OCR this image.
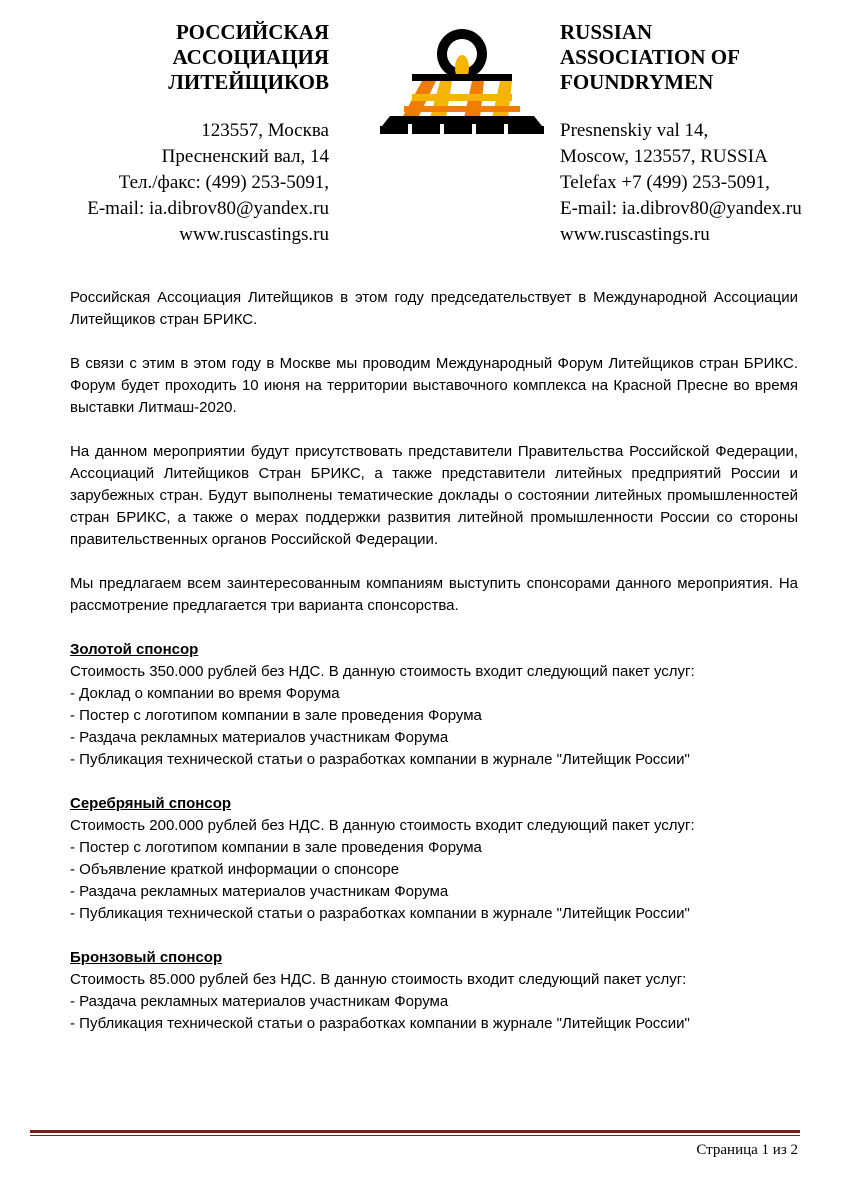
РОССИЙСКАЯ
АССОЦИАЦИЯ
ЛИТЕЙЩИКОВ
RUSSIAN
ASSOCIATION OF
FOUNDRYMEN
123557, Москва
Пресненский вал, 14
Тел./факс: (499) 253-5091,
E-mail: ia.dibrov80@yandex.ru
www.ruscastings.ru
Presnenskiy val 14,
Moscow, 123557, RUSSIA
Telefax +7 (499) 253-5091,
E-mail: ia.dibrov80@yandex.ru
www.ruscastings.ru

Российская Ассоциация Литейщиков в этом году председательствует в Международной Ассоциации Литейщиков стран БРИКС.

В связи с этим в этом году в Москве мы проводим Международный Форум Литейщиков стран БРИКС. Форум будет проходить 10 июня на территории выставочного комплекса на Красной Пресне во время выставки Литмаш-2020.

На данном мероприятии будут присутствовать представители Правительства Российской Федерации, Ассоциаций Литейщиков Стран БРИКС, а также представители литейных предприятий России и зарубежных стран. Будут выполнены тематические доклады о состоянии литейных промышленностей стран БРИКС, а также о мерах поддержки развития литейной промышленности России со стороны правительственных органов Российской Федерации.

Мы предлагаем всем заинтересованным компаниям выступить спонсорами данного мероприятия. На рассмотрение предлагается три варианта спонсорства.

Золотой спонсор
Стоимость 350.000 рублей без НДС. В данную стоимость входит следующий пакет услуг:
- Доклад о компании во время Форума
- Постер с логотипом компании в зале проведения Форума
- Раздача рекламных материалов участникам Форума
- Публикация технической статьи о разработках компании в журнале "Литейщик России"
Серебряный спонсор
Стоимость 200.000 рублей без НДС. В данную стоимость входит следующий пакет услуг:
- Постер с логотипом компании в зале проведения Форума
- Объявление краткой информации о спонсоре
- Раздача рекламных материалов участникам Форума
- Публикация технической статьи о разработках компании в журнале "Литейщик России"
Бронзовый спонсор
Стоимость 85.000 рублей без НДС. В данную стоимость входит следующий пакет услуг:
- Раздача рекламных материалов участникам Форума
- Публикация технической статьи о разработках компании в журнале "Литейщик России"
Страница 1 из 2
